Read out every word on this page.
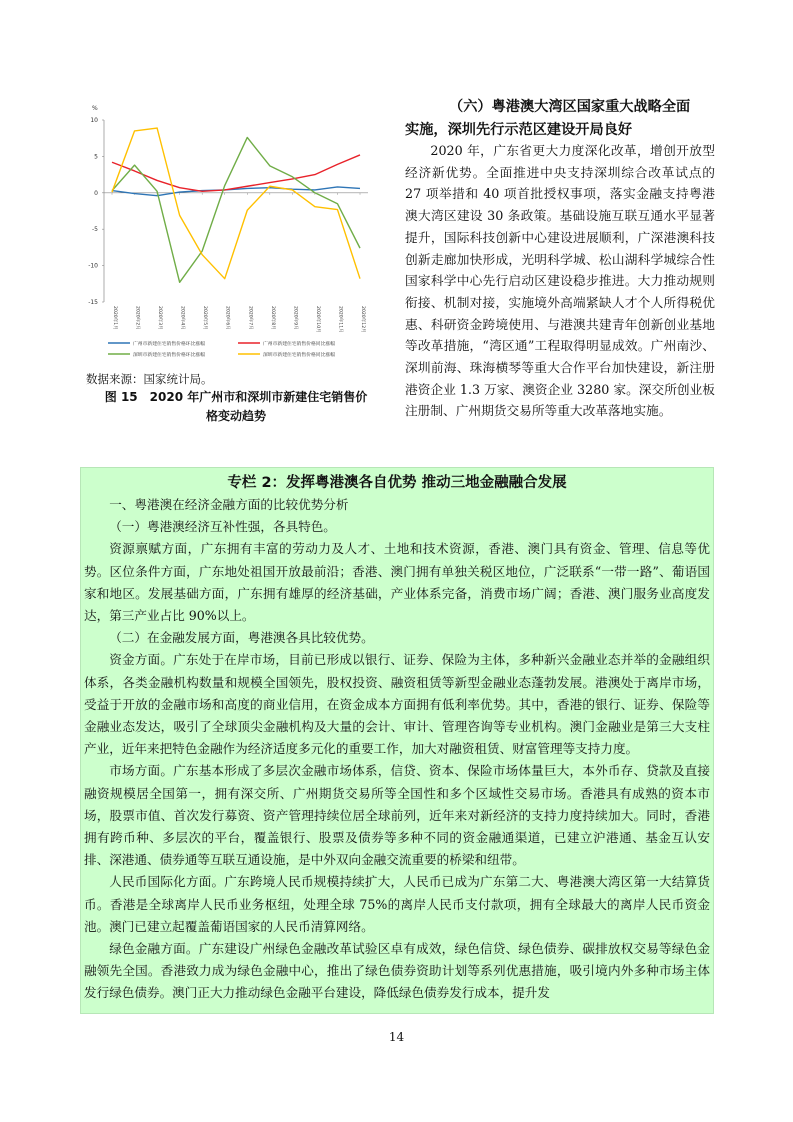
%
10
5
0
-5
-10
-15
2020年1月	2020年2月	2020年3月	2020年4月	2020年5月	2020年6月	2020年7月	2020年8月	2020年9月	2020年10月	2020年11月	2020年12月
广州市新建住宅销售价格环比涨幅	广州市新建住宅销售价格同比涨幅
深圳市新建住宅销售价格环比涨幅	深圳市新建住宅销售价格同比涨幅
数据来源：国家统计局。
图 15　2020 年广州市和深圳市新建住宅销售价
格变动趋势
（六）粤港澳大湾区国家重大战略全面
实施，深圳先行示范区建设开局良好
2020 年，广东省更大力度深化改革，增创开放型经济新优势。全面推进中央支持深圳综合改革试点的 27 项举措和 40 项首批授权事项，落实金融支持粤港澳大湾区建设 30 条政策。基础设施互联互通水平显著提升，国际科技创新中心建设进展顺利，广深港澳科技创新走廊加快形成，光明科学城、松山湖科学城综合性国家科学中心先行启动区建设稳步推进。大力推动规则衔接、机制对接，实施境外高端紧缺人才个人所得税优惠、科研资金跨境使用、与港澳共建青年创新创业基地等改革措施，“湾区通”工程取得明显成效。广州南沙、深圳前海、珠海横琴等重大合作平台加快建设，新注册港资企业 1.3 万家、澳资企业 3280 家。深交所创业板注册制、广州期货交易所等重大改革落地实施。
专栏 2：发挥粤港澳各自优势 推动三地金融融合发展

一、粤港澳在经济金融方面的比较优势分析

（一）粤港澳经济互补性强，各具特色。

资源禀赋方面，广东拥有丰富的劳动力及人才、土地和技术资源，香港、澳门具有资金、管理、信息等优势。区位条件方面，广东地处祖国开放最前沿；香港、澳门拥有单独关税区地位，广泛联系“一带一路”、葡语国家和地区。发展基础方面，广东拥有雄厚的经济基础，产业体系完备，消费市场广阔；香港、澳门服务业高度发达，第三产业占比 90%以上。

（二）在金融发展方面，粤港澳各具比较优势。

资金方面。广东处于在岸市场，目前已形成以银行、证券、保险为主体，多种新兴金融业态并举的金融组织体系，各类金融机构数量和规模全国领先，股权投资、融资租赁等新型金融业态蓬勃发展。港澳处于离岸市场，受益于开放的金融市场和高度的商业信用，在资金成本方面拥有低利率优势。其中，香港的银行、证券、保险等金融业态发达，吸引了全球顶尖金融机构及大量的会计、审计、管理咨询等专业机构。澳门金融业是第三大支柱产业，近年来把特色金融作为经济适度多元化的重要工作，加大对融资租赁、财富管理等支持力度。

市场方面。广东基本形成了多层次金融市场体系，信贷、资本、保险市场体量巨大，本外币存、贷款及直接融资规模居全国第一，拥有深交所、广州期货交易所等全国性和多个区域性交易市场。香港具有成熟的资本市场，股票市值、首次发行募资、资产管理持续位居全球前列，近年来对新经济的支持力度持续加大。同时，香港拥有跨币种、多层次的平台，覆盖银行、股票及债券等多种不同的资金融通渠道，已建立沪港通、基金互认安排、深港通、债券通等互联互通设施，是中外双向金融交流重要的桥梁和纽带。

人民币国际化方面。广东跨境人民币规模持续扩大，人民币已成为广东第二大、粤港澳大湾区第一大结算货币。香港是全球离岸人民币业务枢纽，处理全球 75%的离岸人民币支付款项，拥有全球最大的离岸人民币资金池。澳门已建立起覆盖葡语国家的人民币清算网络。

绿色金融方面。广东建设广州绿色金融改革试验区卓有成效，绿色信贷、绿色债券、碳排放权交易等绿色金融领先全国。香港致力成为绿色金融中心，推出了绿色债券资助计划等系列优惠措施，吸引境内外多种市场主体发行绿色债券。澳门正大力推动绿色金融平台建设，降低绿色债券发行成本，提升发

14
